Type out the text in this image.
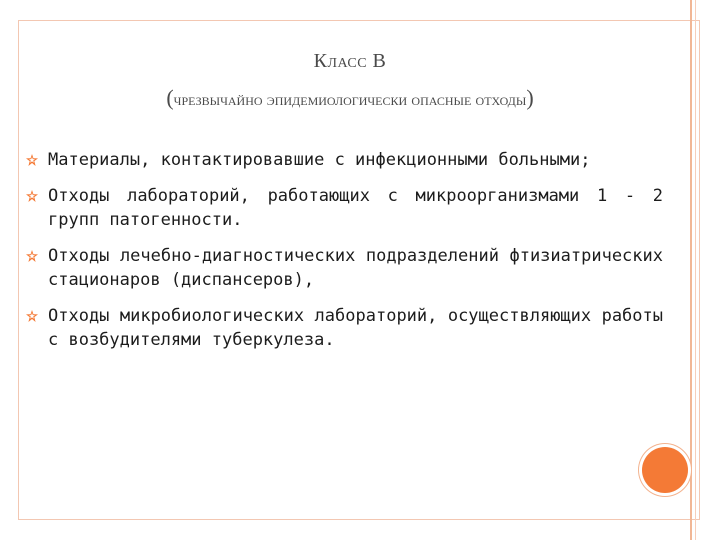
Класс В
(чрезвычайно эпидемиологически опасные отходы)
Материалы, контактировавшие с инфекционными больными;
Отходы лабораторий, работающих с микроорганизмами 1 - 2 групп патогенности.
Отходы лечебно-диагностических подразделений фтизиатрических стационаров (диспансеров),
Отходы микробиологических лабораторий, осуществляющих работы с возбудителями туберкулеза.
